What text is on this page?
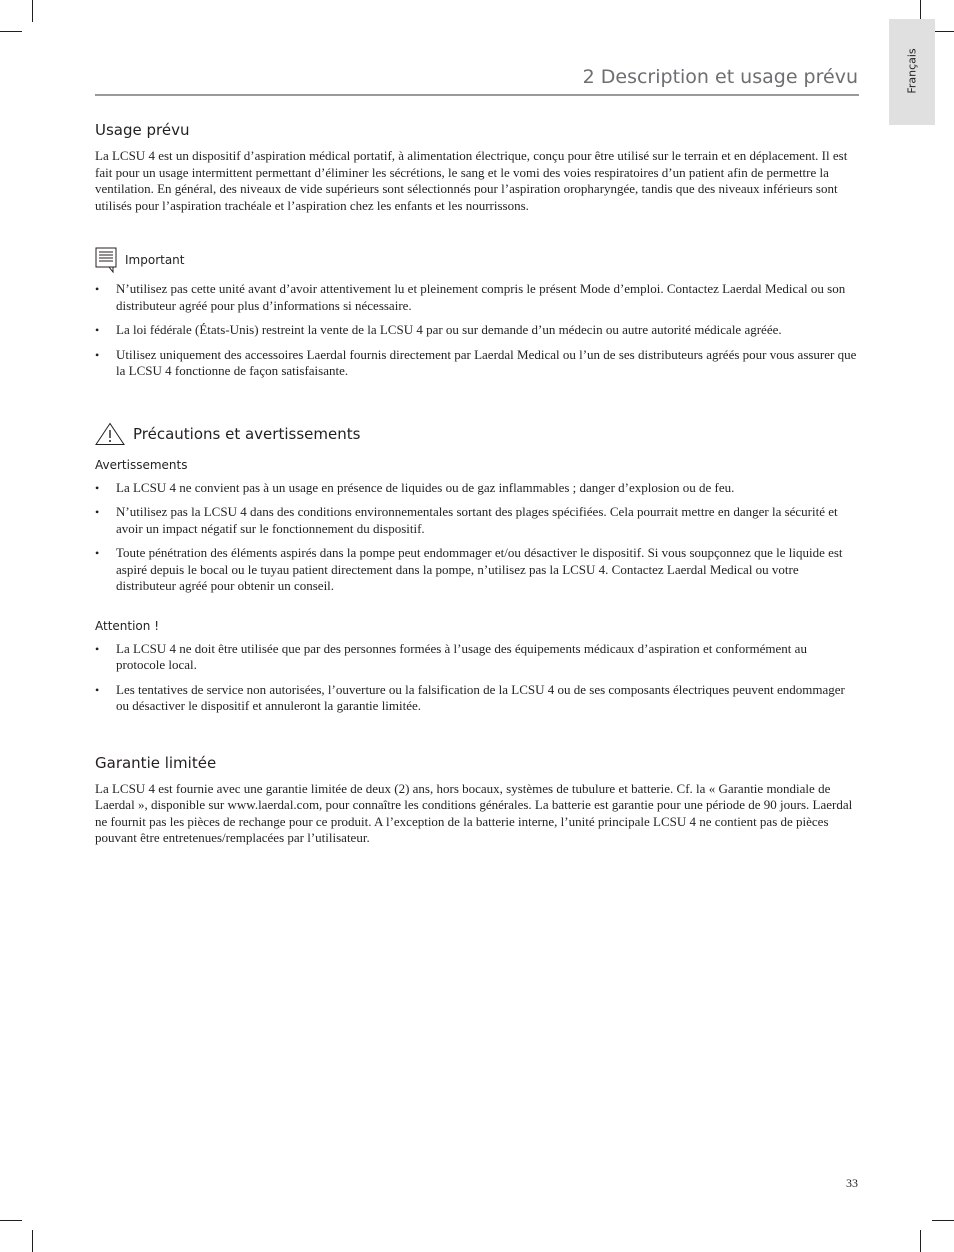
Français
2 Description et usage prévu
Usage prévu

La LCSU 4 est un dispositif d’aspiration médical portatif, à alimentation électrique, conçu pour être utilisé sur le terrain et en déplacement. Il est fait pour un usage intermittent permettant d’éliminer les sécrétions, le sang et le vomi des voies respiratoires d’un patient afin de permettre la ventilation. En général, des niveaux de vide supérieurs sont sélectionnés pour l’aspiration oropharyngée, tandis que des niveaux inférieurs sont utilisés pour l’aspiration trachéale et l’aspiration chez les enfants et les nourrissons.

Important
• N’utilisez pas cette unité avant d’avoir attentivement lu et pleinement compris le présent Mode d’emploi. Contactez Laerdal Medical ou son distributeur agréé pour plus d’informations si nécessaire.
• La loi fédérale (États-Unis) restreint la vente de la LCSU 4 par ou sur demande d’un médecin ou autre autorité médicale agréée.
• Utilisez uniquement des accessoires Laerdal fournis directement par Laerdal Medical ou l’un de ses distributeurs agréés pour vous assurer que la LCSU 4 fonctionne de façon satisfaisante.
Précautions et avertissements
Avertissements
• La LCSU 4 ne convient pas à un usage en présence de liquides ou de gaz inflammables ; danger d’explosion ou de feu.
• N’utilisez pas la LCSU 4 dans des conditions environnementales sortant des plages spécifiées. Cela pourrait mettre en danger la sécurité et avoir un impact négatif sur le fonctionnement du dispositif.
• Toute pénétration des éléments aspirés dans la pompe peut endommager et/ou désactiver le dispositif. Si vous soupçonnez que le liquide est aspiré depuis le bocal ou le tuyau patient directement dans la pompe, n’utilisez pas la LCSU 4. Contactez Laerdal Medical ou votre distributeur agréé pour obtenir un conseil.
Attention !
• La LCSU 4 ne doit être utilisée que par des personnes formées à l’usage des équipements médicaux d’aspiration et conformément au protocole local.
• Les tentatives de service non autorisées, l’ouverture ou la falsification de la LCSU 4 ou de ses composants électriques peuvent endommager ou désactiver le dispositif et annuleront la garantie limitée.
Garantie limitée

La LCSU 4 est fournie avec une garantie limitée de deux (2) ans, hors bocaux, systèmes de tubulure et batterie. Cf. la « Garantie mondiale de Laerdal », disponible sur www.laerdal.com, pour connaître les conditions générales. La batterie est garantie pour une période de 90 jours. Laerdal ne fournit pas les pièces de rechange pour ce produit. A l’exception de la batterie interne, l’unité principale LCSU 4 ne contient pas de pièces pouvant être entretenues/remplacées par l’utilisateur.

33
